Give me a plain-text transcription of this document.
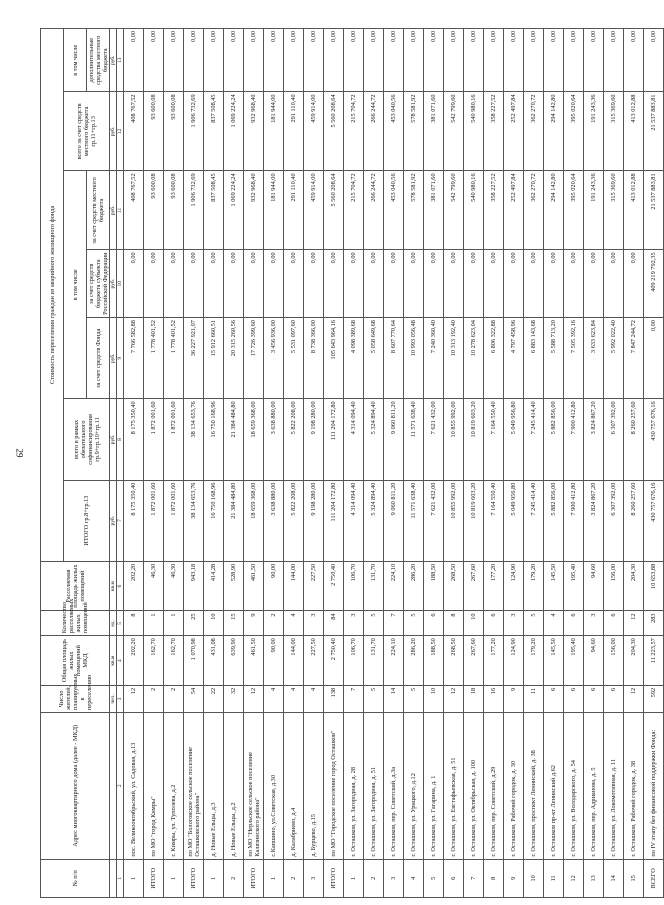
29
№ п/п	Адрес многоквартирного дома (далее - МКД)	Число жителей, планируемых к переселению	Общая площадь жилых помещений МКД	Количество расселяемых жилых помещений	Расселяемая площадь жилых помещений	Стоимость переселения граждан из аварийного жилищного фонда						
						ИТОГО гр.8+гр.13	всего в рамках обязательного софинансирования гр.9+гр.10+гр.11	в том числе			всего за счет средств местного бюджета гр.11+гр.13	в том числе
								за счет средств Фонда	за счет средств бюджета субъекта Российской Федерации	за счет средств местного бюджета		дополнительные средства местного бюджета
		чел.	кв.м	ед.	кв.м	руб.	руб.	руб.	руб.	руб.	руб.	руб.
1	2	3	4	5	6	7	8	9	10	11	12	13
1	пос. Великооктябрьский, ул. Садовая, д.13	12	202,20	8	202,20	8 175 350,40	8 175 350,40	7 766 582,88	0,00	408 767,52	408 767,52	0,00
ИТОГО	по МО "город Кимры"	2	162,70	1	46,30	1 872 001,60	1 872 001,60	1 778 401,52	0,00	93 600,08	93 600,08	0,00
1	г. Кимры, ул. Туполева, д.2	2	162,70	1	46,30	1 872 001,60	1 872 001,60	1 778 401,52	0,00	93 600,08	93 600,08	0,00
ИТОГО	по МО "Бологовское сельское поселение Осташковского района"	54	1 070,98	25	943,18	38 134 653,76	38 134 653,76	36 227 921,07	0,00	1 906 732,69	1 906 732,69	0,00
1	д. Новые Ельцы, д.3	22	431,08	10	414,28	16 750 168,96	16 750 168,96	15 912 660,51	0,00	837 508,45	837 508,45	0,00
2	д. Новые Ельцы, д.2	32	639,90	15	528,90	21 384 484,80	21 384 484,80	20 315 260,56	0,00	1 069 224,24	1 069 224,24	0,00
ИТОГО	по МО "Нерльское сельское поселение Калязинского района"	12	461,50	9	461,50	18 659 368,00	18 659 368,00	17 726 399,60	0,00	932 968,40	932 968,40	0,00
1	с.Капшино, ул.Советская, д.30	4	90,00	2	90,00	3 638 880,00	3 638 880,00	3 456 936,00	0,00	181 944,00	181 944,00	0,00
2	д. Калабриево, д.4	4	144,00	4	144,00	5 822 208,00	5 822 208,00	5 531 097,60	0,00	291 110,40	291 110,40	0,00
3	д. Бурцево, д.15	4	227,50	3	227,50	9 198 280,00	9 198 280,00	8 738 366,00	0,00	459 914,00	459 914,00	0,00
ИТОГО	по МО "Городское поселение город Осташков"	138	2 750,40	84	2 750,40	111 204 172,80	111 204 172,80	105 643 964,16	0,00	5 560 208,64	5 560 208,64	0,00
1	г. Осташков, ул. Загородная, д. 28	7	106,70	3	106,70	4 314 094,40	4 314 094,40	4 098 389,68	0,00	215 704,72	215 704,72	0,00
2	г. Осташков, ул. Загородная, д. 51	5	131,70	5	131,70	5 324 894,40	5 324 894,40	5 058 649,68	0,00	266 244,72	266 244,72	0,00
3	г. Осташков, пер. Советский, д.3а	14	224,10	7	224,10	9 060 811,20	9 060 811,20	8 607 770,64	0,00	453 040,56	453 040,56	0,00
4	г. Осташков, ул. Урицкого, д.12	5	286,20	5	286,20	11 571 638,40	11 571 638,40	10 993 056,48	0,00	578 581,92	578 581,92	0,00
5	г. Осташков, ул. Гагарина, д. 1	10	188,50	6	188,50	7 621 432,00	7 621 432,00	7 240 360,40	0,00	381 071,60	381 071,60	0,00
6	г. Осташков, ул. Евстафьевская, д. 51	12	268,50	8	268,50	10 855 992,00	10 855 992,00	10 313 192,40	0,00	542 799,60	542 799,60	0,00
7	г. Осташков, ул. Октябрьская, д. 100	18	267,60	10	267,60	10 819 603,20	10 819 603,20	10 278 623,04	0,00	540 980,16	540 980,16	0,00
8	г. Осташков, пер. Советский, д.29	16	177,20	6	177,20	7 164 550,40	7 164 550,40	6 806 322,88	0,00	358 227,52	358 227,52	0,00
9	г. Осташков, Рабочий городок, д. 30	9	124,90	3	124,90	5 049 956,80	5 049 956,80	4 797 458,96	0,00	252 497,84	252 497,84	0,00
10	г. Осташков, проспект Ленинский, д. 38	11	179,20	5	179,20	7 245 414,40	7 245 414,40	6 883 143,68	0,00	362 270,72	362 270,72	0,00
11	г. Осташков пр-кт Ленинский д.62	6	145,50	4	145,50	5 882 856,00	5 882 856,00	5 588 713,20	0,00	294 142,80	294 142,80	0,00
12	г. Осташков, ул. Володарского, д. 54	6	195,40	6	195,40	7 900 412,80	7 900 412,80	7 505 392,16	0,00	395 020,64	395 020,64	0,00
13	г. Осташков, пер. Адрианова, д. 5	6	94,60	3	94,60	3 824 867,20	3 824 867,20	3 633 623,84	0,00	191 243,36	191 243,36	0,00
14	г. Осташков, ул. Локомотивная, д. 11	6	156,00	6	156,00	6 307 392,00	6 307 392,00	5 992 022,40	0,00	315 369,60	315 369,60	0,00
15	г. Осташков, Рабочий городок, д. 38	12	204,30	12	204,30	8 260 257,60	8 260 257,60	7 847 244,72	0,00	413 012,88	413 012,88	0,00
ВСЕГО	по IV этапу без финансовой поддержки Фонда:	592	11 223,57	283	10 653,88	430 757 676,16	430 757 676,16	0,00	409 219 792,35	21 537 883,81	21 537 883,81	0,00
